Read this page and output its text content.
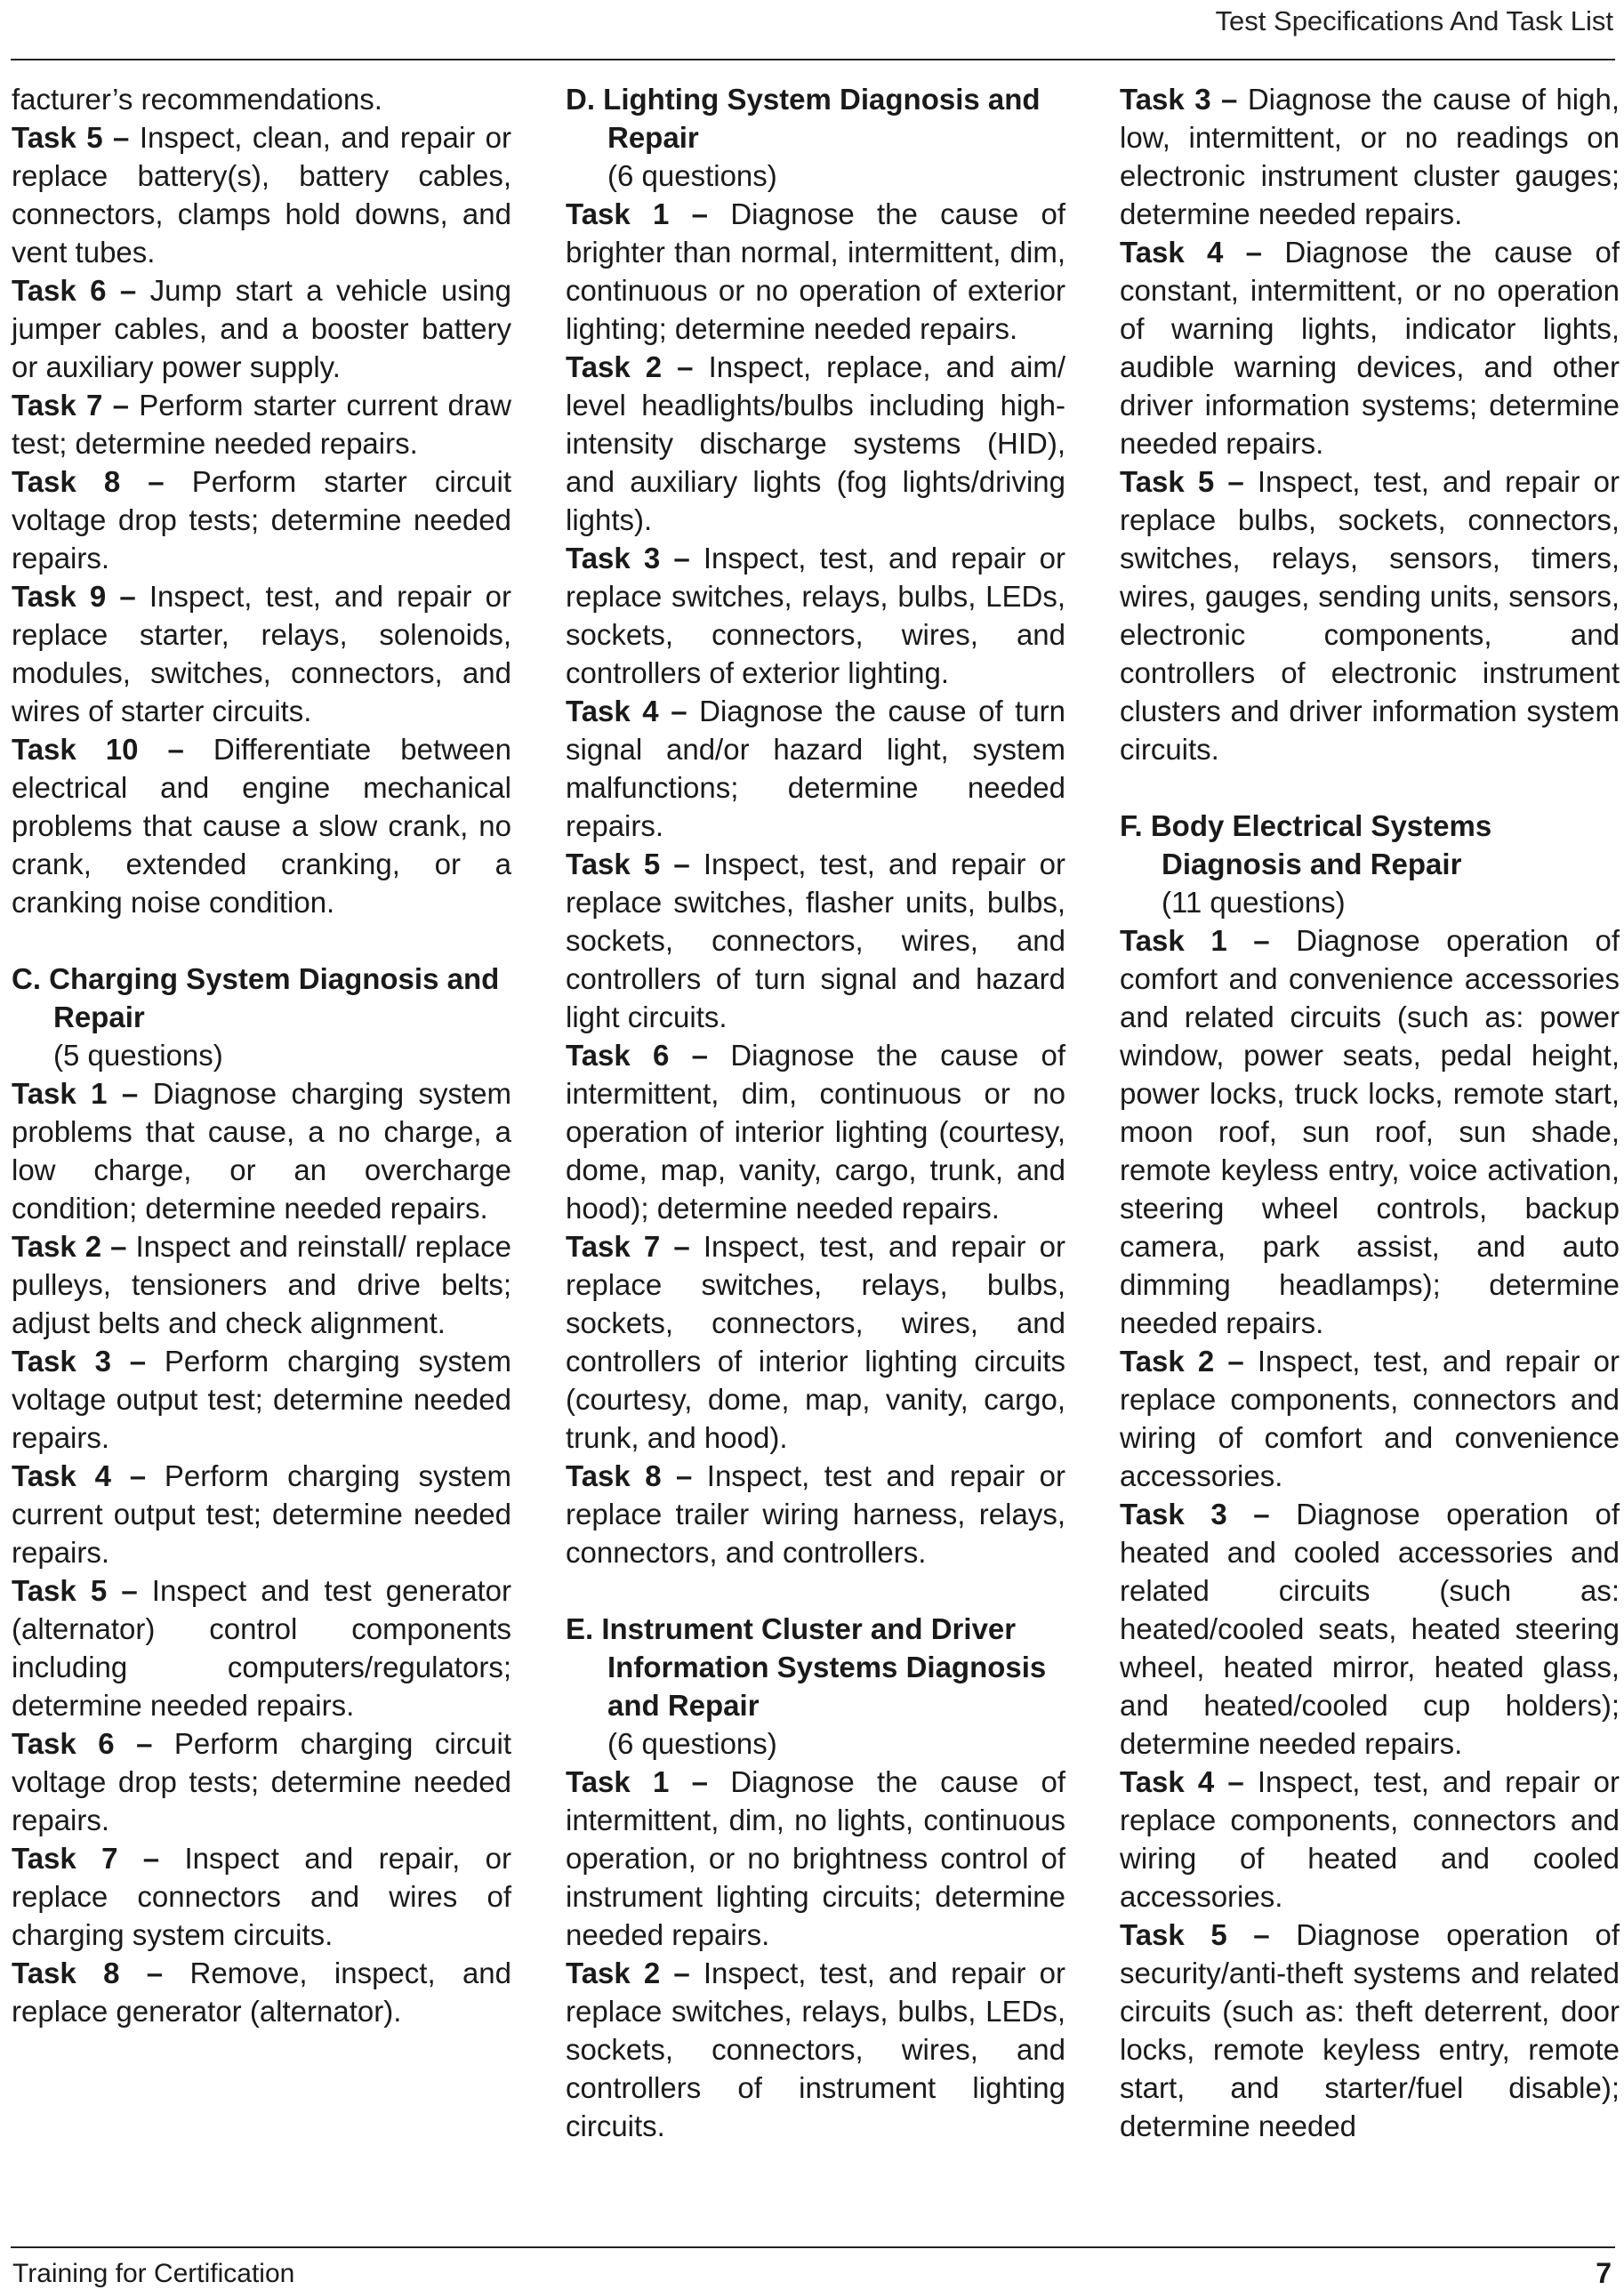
Test Specifications And Task List

facturer’s recommendations.

Task 5 – Inspect, clean, and repair or replace battery(s), battery cables, connectors, clamps hold downs, and vent tubes.

Task 6 – Jump start a vehicle using jumper cables, and a booster battery or auxiliary power supply.

Task 7 – Perform starter current draw test; determine needed repairs.

Task 8 – Perform starter circuit voltage drop tests; determine needed repairs.

Task 9 – Inspect, test, and repair or replace starter, relays, solenoids, modules, switches, connectors, and wires of starter circuits.

Task 10 – Differentiate between electrical and engine mechanical problems that cause a slow crank, no crank, extended cranking, or a cranking noise condition.

C. Charging System Diagnosis and Repair

(5 questions)

Task 1 – Diagnose charging system problems that cause, a no charge, a low charge, or an overcharge condition; determine needed repairs.

Task 2 – Inspect and reinstall/ replace pulleys, tensioners and drive belts; adjust belts and check alignment.

Task 3 – Perform charging system voltage output test; determine needed repairs.

Task 4 – Perform charging system current output test; determine needed repairs.

Task 5 – Inspect and test generator (alternator) control components including computers/regulators; determine needed repairs.

Task 6 – Perform charging circuit voltage drop tests; determine needed repairs.

Task 7 – Inspect and repair, or replace connectors and wires of charging system circuits.

Task 8 – Remove, inspect, and replace generator (alternator).

D. Lighting System Diagnosis and Repair

(6 questions)

Task 1 – Diagnose the cause of brighter than normal, intermittent, dim, continuous or no operation of exterior lighting; determine needed repairs.

Task 2 – Inspect, replace, and aim/ level headlights/bulbs including high-intensity discharge systems (HID), and auxiliary lights (fog lights/driving lights).

Task 3 – Inspect, test, and repair or replace switches, relays, bulbs, LEDs, sockets, connectors, wires, and controllers of exterior lighting.

Task 4 – Diagnose the cause of turn signal and/or hazard light, system malfunctions; determine needed repairs.

Task 5 – Inspect, test, and repair or replace switches, flasher units, bulbs, sockets, connectors, wires, and controllers of turn signal and hazard light circuits.

Task 6 – Diagnose the cause of intermittent, dim, continuous or no operation of interior lighting (courtesy, dome, map, vanity, cargo, trunk, and hood); determine needed repairs.

Task 7 – Inspect, test, and repair or replace switches, relays, bulbs, sockets, connectors, wires, and controllers of interior lighting circuits (courtesy, dome, map, vanity, cargo, trunk, and hood).

Task 8 – Inspect, test and repair or replace trailer wiring harness, relays, connectors, and controllers.

E. Instrument Cluster and Driver Information Systems Diagnosis and Repair

(6 questions)

Task 1 – Diagnose the cause of intermittent, dim, no lights, continuous operation, or no brightness control of instrument lighting circuits; determine needed repairs.

Task 2 – Inspect, test, and repair or replace switches, relays, bulbs, LEDs, sockets, connectors, wires, and controllers of instrument lighting circuits.

Task 3 – Diagnose the cause of high, low, intermittent, or no readings on electronic instrument cluster gauges; determine needed repairs.

Task 4 – Diagnose the cause of constant, intermittent, or no operation of warning lights, indicator lights, audible warning devices, and other driver information systems; determine needed repairs.

Task 5 – Inspect, test, and repair or replace bulbs, sockets, connectors, switches, relays, sensors, timers, wires, gauges, sending units, sensors, electronic components, and controllers of electronic instrument clusters and driver information system circuits.

F. Body Electrical Systems Diagnosis and Repair

(11 questions)

Task 1 – Diagnose operation of comfort and convenience accessories and related circuits (such as: power window, power seats, pedal height, power locks, truck locks, remote start, moon roof, sun roof, sun shade, remote keyless entry, voice activation, steering wheel controls, backup camera, park assist, and auto dimming headlamps); determine needed repairs.

Task 2 – Inspect, test, and repair or replace components, connectors and wiring of comfort and convenience accessories.

Task 3 – Diagnose operation of heated and cooled accessories and related circuits (such as: heated/cooled seats, heated steering wheel, heated mirror, heated glass, and heated/cooled cup holders); determine needed repairs.

Task 4 – Inspect, test, and repair or replace components, connectors and wiring of heated and cooled accessories.

Task 5 – Diagnose operation of security/anti-theft systems and related circuits (such as: theft deterrent, door locks, remote keyless entry, remote start, and starter/fuel disable); determine needed

Training for Certification	7
